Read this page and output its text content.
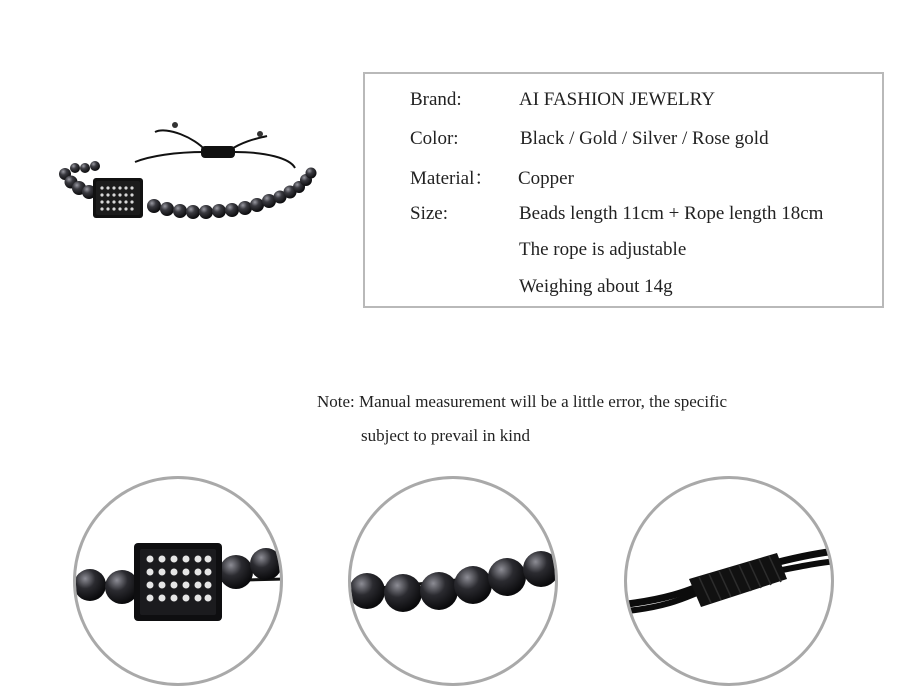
Brand:	AI FASHION JEWELRY
Color:	Black / Gold / Silver / Rose gold
Material： Copper
Size:	Beads length 11cm + Rope length 18cm
The rope is adjustable
Weighing about 14g
Note: Manual measurement will be a little error, the specific
subject to prevail in kind
